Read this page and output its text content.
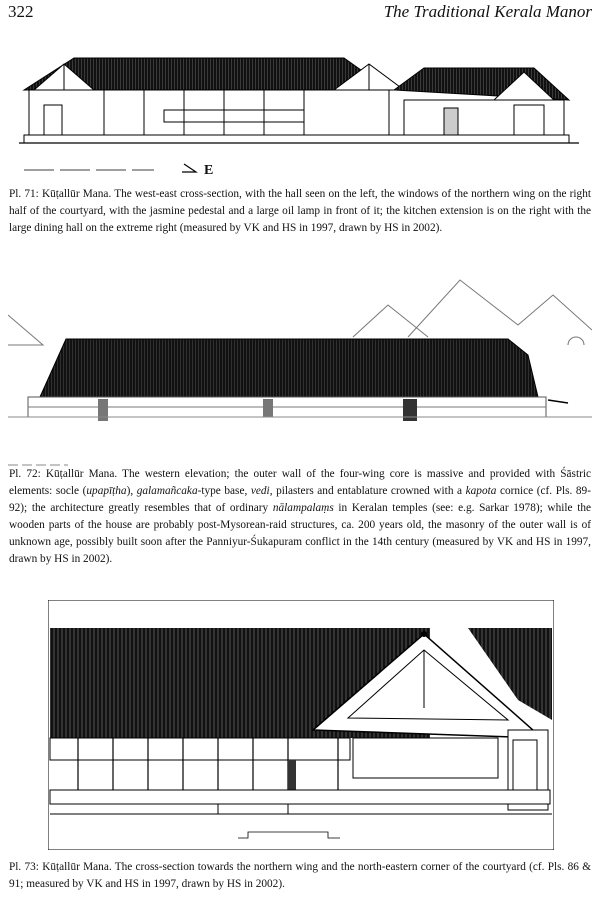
322	The Traditional Kerala Manor
E
Pl. 71: Kūṭallūr Mana. The west-east cross-section, with the hall seen on the left, the windows of the northern wing on the right half of the courtyard, with the jasmine pedestal and a large oil lamp in front of it; the kitchen extension is on the right with the large dining hall on the extreme right (measured by VK and HS in 1997, drawn by HS in 2002).
Pl. 72: Kūṭallūr Mana. The western elevation; the outer wall of the four-wing core is massive and provided with Śāstric elements: socle (upapīṭha), galamañcaka-type base, vedi, pilasters and entablature crowned with a kapota cornice (cf. Pls. 89-92); the architecture greatly resembles that of ordinary nālampalaṃs in Keralan temples (see: e.g. Sarkar 1978); while the wooden parts of the house are probably post-Mysorean-raid structures, ca. 200 years old, the masonry of the outer wall is of unknown age, possibly built soon after the Panniyur-Śukapuram conflict in the 14th century (measured by VK and HS in 1997, drawn by HS in 2002).
Pl. 73: Kūṭallūr Mana. The cross-section towards the northern wing and the north-eastern corner of the courtyard (cf. Pls. 86 & 91; measured by VK and HS in 1997, drawn by HS in 2002).
